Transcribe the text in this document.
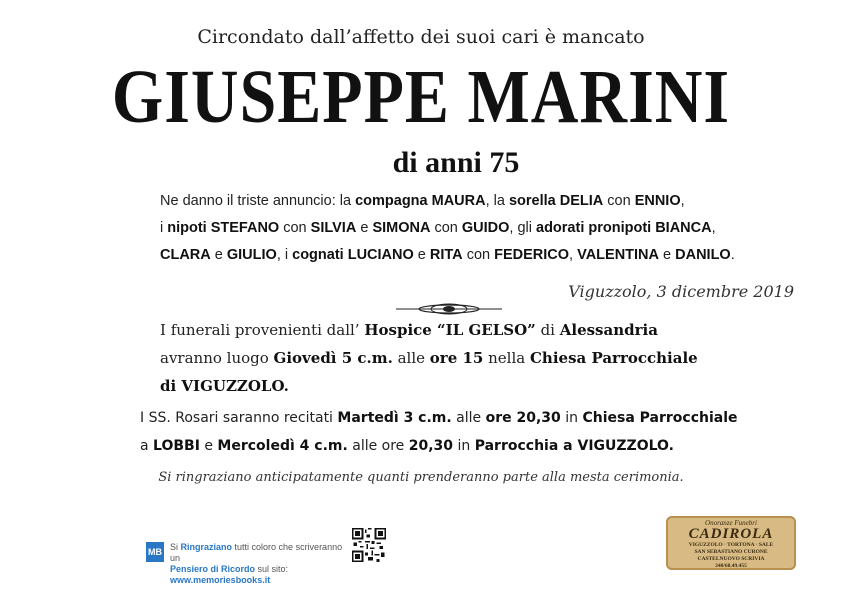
Circondato dall’affetto dei suoi cari è mancato
GIUSEPPE MARINI
di anni 75
Ne danno il triste annuncio: la compagna MAURA, la sorella DELIA con ENNIO,
i nipoti STEFANO con SILVIA e SIMONA con GUIDO, gli adorati pronipoti BIANCA,
CLARA e GIULIO, i cognati LUCIANO e RITA con FEDERICO, VALENTINA e DANILO.
Viguzzolo, 3 dicembre 2019
I funerali provenienti dall’ Hospice “IL GELSO” di Alessandria
avranno luogo Giovedì 5 c.m. alle ore 15 nella Chiesa Parrocchiale
di VIGUZZOLO.
I SS. Rosari saranno recitati Martedì 3 c.m. alle ore 20,30 in Chiesa Parrocchiale
a LOBBI e Mercoledì 4 c.m. alle ore 20,30 in Parrocchia a VIGUZZOLO.
Si ringraziano anticipatamente quanti prenderanno parte alla mesta cerimonia.
MB Si Ringraziano tutti coloro che scriveranno un
Pensiero di Ricordo sul sito: www.memoriesbooks.it
Onoranze Funebri
CADIROLA
VIGUZZOLO · TORTONA · SALE
SAN SEBASTIANO CURONE
CASTELNUOVO SCRIVIA
340/68.49.455
